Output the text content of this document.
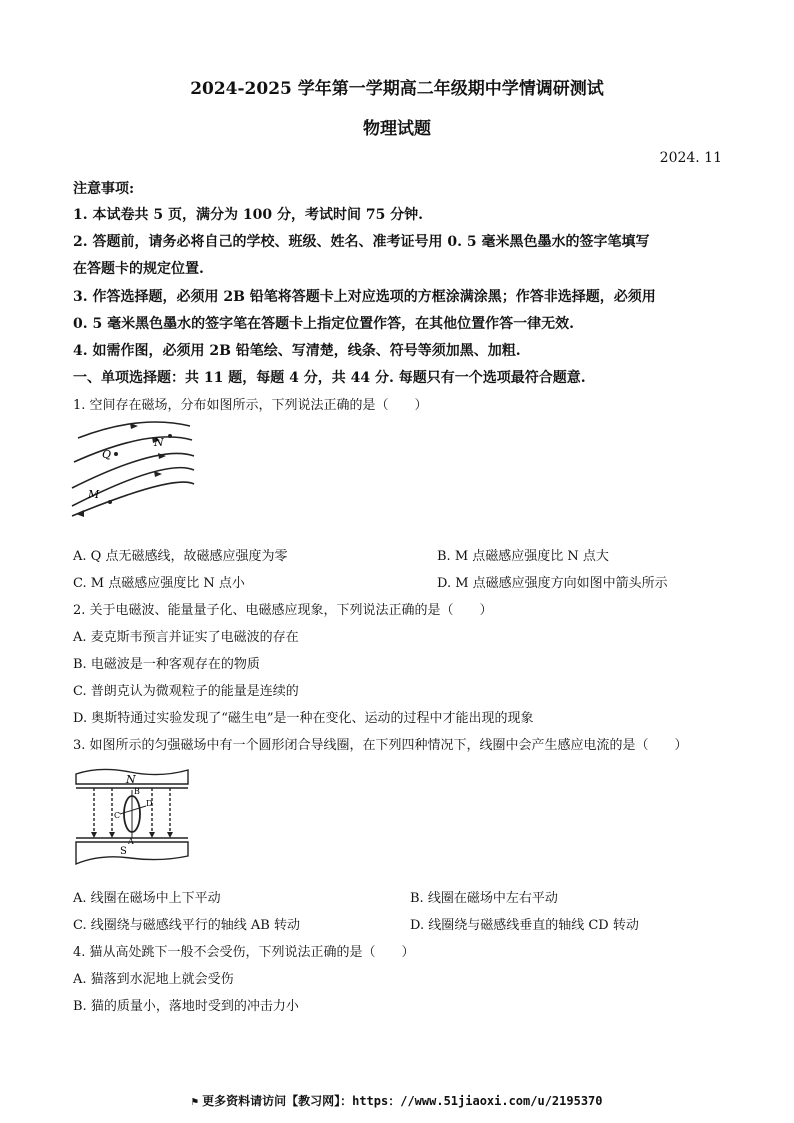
2024-2025 学年第一学期高二年级期中学情调研测试
物理试题
2024. 11
注意事项:
1. 本试卷共 5 页，满分为 100 分，考试时间 75 分钟.
2. 答题前，请务必将自己的学校、班级、姓名、准考证号用 0. 5 毫米黑色墨水的签字笔填写
在答题卡的规定位置.
3. 作答选择题，必须用 2B 铅笔将答题卡上对应选项的方框涂满涂黑；作答非选择题，必须用
0. 5 毫米黑色墨水的签字笔在答题卡上指定位置作答，在其他位置作答一律无效.
4. 如需作图，必须用 2B 铅笔绘、写清楚，线条、符号等须加黑、加粗.
一、单项选择题：共 11 题，每题 4 分，共 44 分. 每题只有一个选项最符合题意.
1. 空间存在磁场，分布如图所示，下列说法正确的是（　　）
N
Q
M
A. Q 点无磁感线，故磁感应强度为零	B. M 点磁感应强度比 N 点大
C. M 点磁感应强度比 N 点小	D. M 点磁感应强度方向如图中箭头所示
2. 关于电磁波、能量量子化、电磁感应现象，下列说法正确的是（　　）
A. 麦克斯韦预言并证实了电磁波的存在
B. 电磁波是一种客观存在的物质
C. 普朗克认为微观粒子的能量是连续的
D. 奥斯特通过实验发现了“磁生电”是一种在变化、运动的过程中才能出现的现象
3. 如图所示的匀强磁场中有一个圆形闭合导线圈，在下列四种情况下，线圈中会产生感应电流的是（　　）
N
S
C
D
A
B
A. 线圈在磁场中上下平动	B. 线圈在磁场中左右平动
C. 线圈绕与磁感线平行的轴线 AB 转动	D. 线圈绕与磁感线垂直的轴线 CD 转动
4. 猫从高处跳下一般不会受伤，下列说法正确的是（　　）
A. 猫落到水泥地上就会受伤
B. 猫的质量小，落地时受到的冲击力小
⚑ 更多资料请访问【教习网】：https：//www.51jiaoxi.com/u/2195370
